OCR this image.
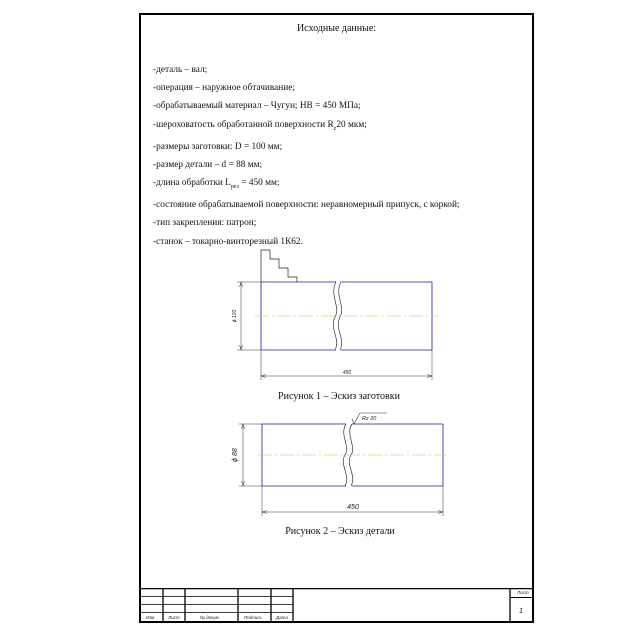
Исходные данные:
-деталь – вал;
-операция – наружное обтачивание;
-обрабатываемый материал – Чугун; HB = 450 МПа;
-шероховатость обработанной поверхности $R_z20$ мкм;
-размеры заготовки: D = 100 мм;
-размер детали – d = 88 мм;
-длина обработки $L_{рез} = 450$ мм;
-состояние обрабатываемой поверхности: неравномерный припуск, с коркой;
-тип закрепления: патрон;
-станок – токарно-винторезный 1К62.
ϕ 100
450
Рисунок 1 – Эскиз заготовки
ϕ 88
450
Rz 20
Рисунок 2 – Эскиз детали
Изм	Лист	№ докум.	Подпись	Дата
Лист
1
